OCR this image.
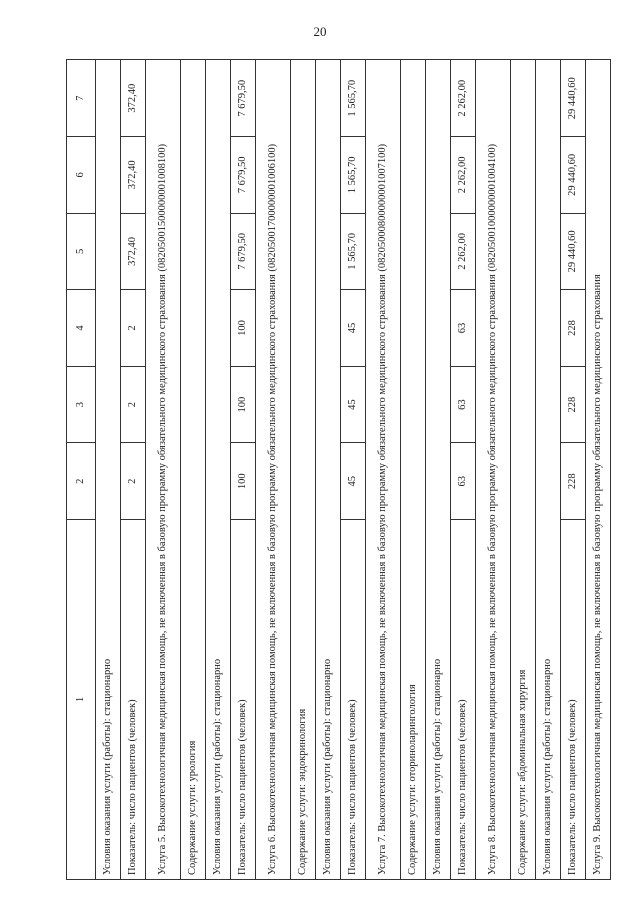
20
1	2	3	4	5	6	7
Условия оказания услуги (работы): стационарно						
Показатель: число пациентов (человек)	2	2	2	372,40	372,40	372,40
Услуга 5. Высокотехнологичная медицинская помощь, не включенная в базовую программу обязательного медицинского страхования (08205001500000001008100)						
Содержание услуги: урология						
Условия оказания услуги (работы): стационарно						
Показатель: число пациентов (человек)	100	100	100	7 679,50	7 679,50	7 679,50
Услуга 6. Высокотехнологичная медицинская помощь, не включенная в базовую программу обязательного медицинского страхования (08205001700000001006100)						
Содержание услуги: эндокринология						
Условия оказания услуги (работы): стационарно						
Показатель: число пациентов (человек)	45	45	45	1 565,70	1 565,70	1 565,70
Услуга 7. Высокотехнологичная медицинская помощь, не включенная в базовую программу обязательного медицинского страхования (08205000800000001007100)						
Содержание услуги: оториноларингология						
Условия оказания услуги (работы): стационарно						
Показатель: число пациентов (человек)	63	63	63	2 262,00	2 262,00	2 262,00
Услуга 8. Высокотехнологичная медицинская помощь, не включенная в базовую программу обязательного медицинского страхования (08205001000000001004100)						
Содержание услуги: абдоминальная хирургия						
Условия оказания услуги (работы): стационарно						
Показатель: число пациентов (человек)	228	228	228	29 440,60	29 440,60	29 440,60
Услуга 9. Высокотехнологичная медицинская помощь, не включенная в базовую программу обязательного медицинского страхования						
